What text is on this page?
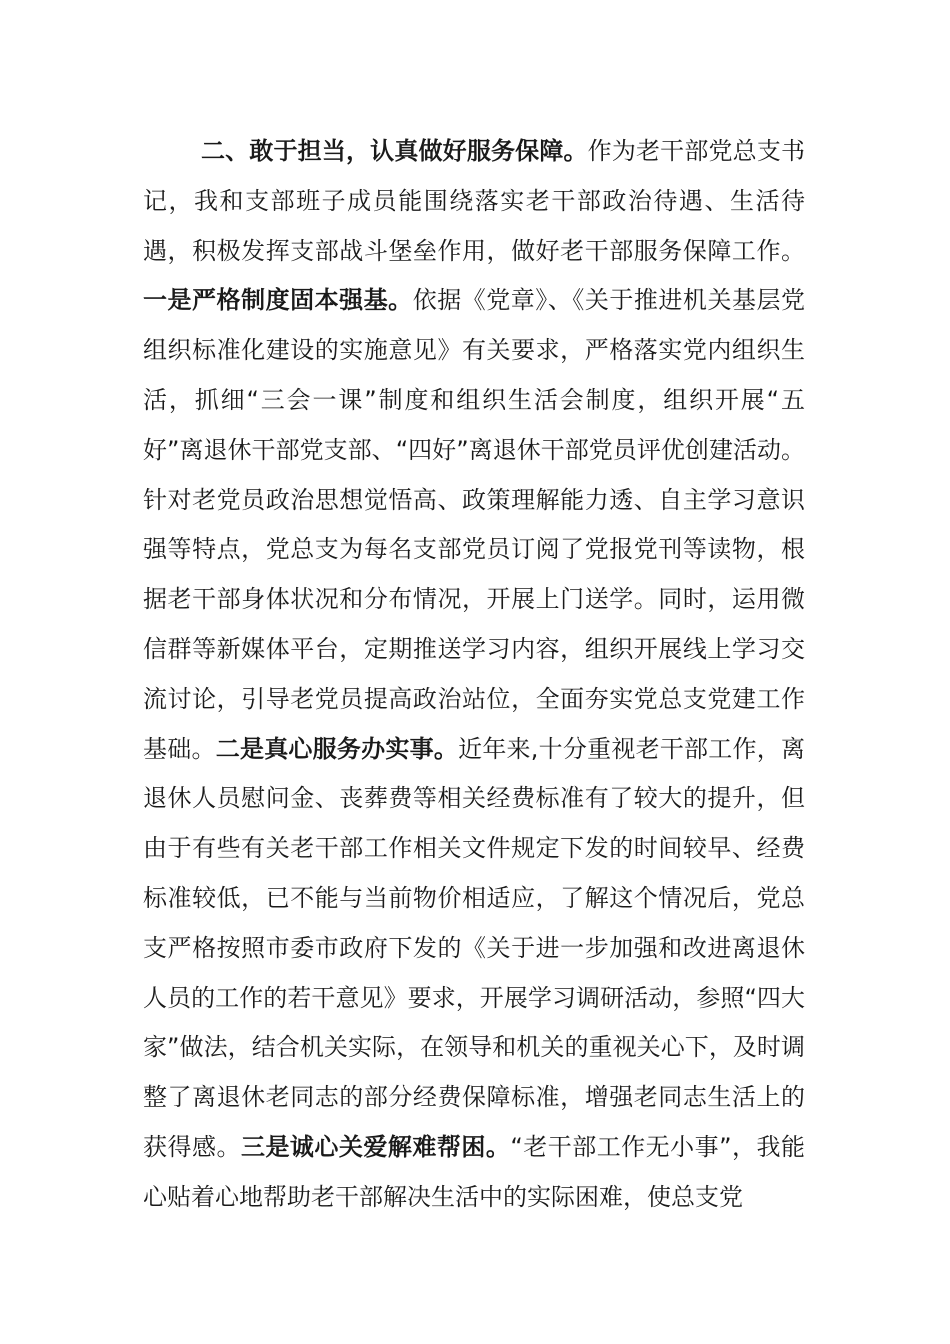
二、敢于担当，认真做好服务保障。作为老干部党总支书记，我和支部班子成员能围绕落实老干部政治待遇、生活待遇，积极发挥支部战斗堡垒作用，做好老干部服务保障工作。一是严格制度固本强基。依据《党章》、《关于推进机关基层党组织标准化建设的实施意见》有关要求，严格落实党内组织生活，抓细“三会一课”制度和组织生活会制度，组织开展“五好”离退休干部党支部、“四好”离退休干部党员评优创建活动。针对老党员政治思想觉悟高、政策理解能力透、自主学习意识强等特点，党总支为每名支部党员订阅了党报党刊等读物，根据老干部身体状况和分布情况，开展上门送学。同时，运用微信群等新媒体平台，定期推送学习内容，组织开展线上学习交流讨论，引导老党员提高政治站位，全面夯实党总支党建工作基础。二是真心服务办实事。近年来,十分重视老干部工作，离退休人员慰问金、丧葬费等相关经费标准有了较大的提升，但由于有些有关老干部工作相关文件规定下发的时间较早、经费标准较低，已不能与当前物价相适应，了解这个情况后，党总支严格按照市委市政府下发的《关于进一步加强和改进离退休人员的工作的若干意见》要求，开展学习调研活动，参照“四大家”做法，结合机关实际，在领导和机关的重视关心下，及时调整了离退休老同志的部分经费保障标准，增强老同志生活上的获得感。三是诚心关爱解难帮困。“老干部工作无小事”，我能心贴着心地帮助老干部解决生活中的实际困难，使总支党
